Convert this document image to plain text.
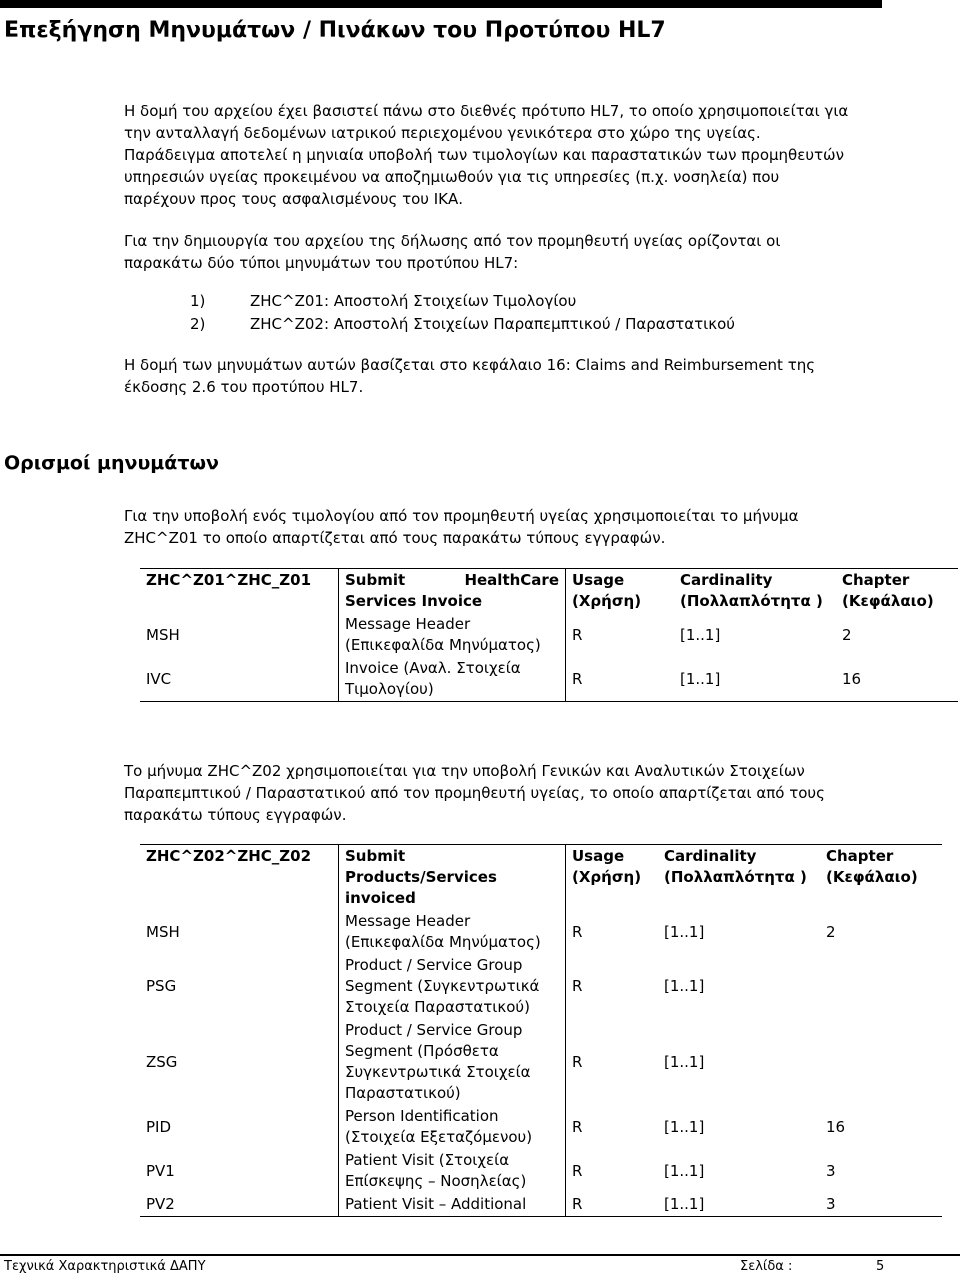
Επεξήγηση Μηνυμάτων / Πινάκων του Προτύπου HL7

Η δομή του αρχείου έχει βασιστεί πάνω στο διεθνές πρότυπο HL7, το οποίο χρησιμοποιείται για την ανταλλαγή δεδομένων ιατρικού περιεχομένου γενικότερα στο χώρο της υγείας. Παράδειγμα αποτελεί η μηνιαία υποβολή των τιμολογίων και παραστατικών των προμηθευτών υπηρεσιών υγείας προκειμένου να αποζημιωθούν για τις υπηρεσίες (π.χ. νοσηλεία) που παρέχουν προς τους ασφαλισμένους του ΙΚΑ.

Για την δημιουργία του αρχείου της δήλωσης από τον προμηθευτή υγείας ορίζονται οι παρακάτω δύο τύποι μηνυμάτων του προτύπου HL7:

1)	ZHC^Z01: Αποστολή Στοιχείων Τιμολογίου
2)	ZHC^Z02: Αποστολή Στοιχείων Παραπεμπτικού / Παραστατικού

Η δομή των μηνυμάτων αυτών βασίζεται στο κεφάλαιο 16: Claims and Reimbursement της έκδοσης 2.6 του προτύπου HL7.

Ορισμοί μηνυμάτων

Για την υποβολή ενός τιμολογίου από τον προμηθευτή υγείας χρησιμοποιείται το μήνυμα ZHC^Z01 το οποίο απαρτίζεται από τους παρακάτω τύπους εγγραφών.

ZHC^Z01^ZHC_Z01	Submit HealthCare
Services Invoice	Usage (Χρήση)	Cardinality (Πολλαπλότητα )	Chapter (Κεφάλαιο)
MSH	Message Header (Επικεφαλίδα Μηνύματος)	R	[1..1]	2
IVC	Invoice (Αναλ. Στοιχεία Τιμολογίου)	R	[1..1]	16

Το μήνυμα ZHC^Z02 χρησιμοποιείται για την υποβολή Γενικών και Αναλυτικών Στοιχείων Παραπεμπτικού / Παραστατικού από τον προμηθευτή υγείας, το οποίο απαρτίζεται από τους παρακάτω τύπους εγγραφών.

ZHC^Z02^ZHC_Z02	Submit Products/Services invoiced	Usage (Χρήση)	Cardinality (Πολλαπλότητα )	Chapter (Κεφάλαιο)
MSH	Message Header (Επικεφαλίδα Μηνύματος)	R	[1..1]	2
PSG	Product / Service Group Segment (Συγκεντρωτικά Στοιχεία Παραστατικού)	R	[1..1]	
ZSG	Product / Service Group Segment (Πρόσθετα Συγκεντρωτικά Στοιχεία Παραστατικού)	R	[1..1]	
PID	Person Identification (Στοιχεία Εξεταζόμενου)	R	[1..1]	16
PV1	Patient Visit (Στοιχεία Επίσκεψης – Νοσηλείας)	R	[1..1]	3
PV2	Patient Visit – Additional	R	[1..1]	3
Τεχνικά Χαρακτηριστικά ΔΑΠΥ	Σελίδα :	5
